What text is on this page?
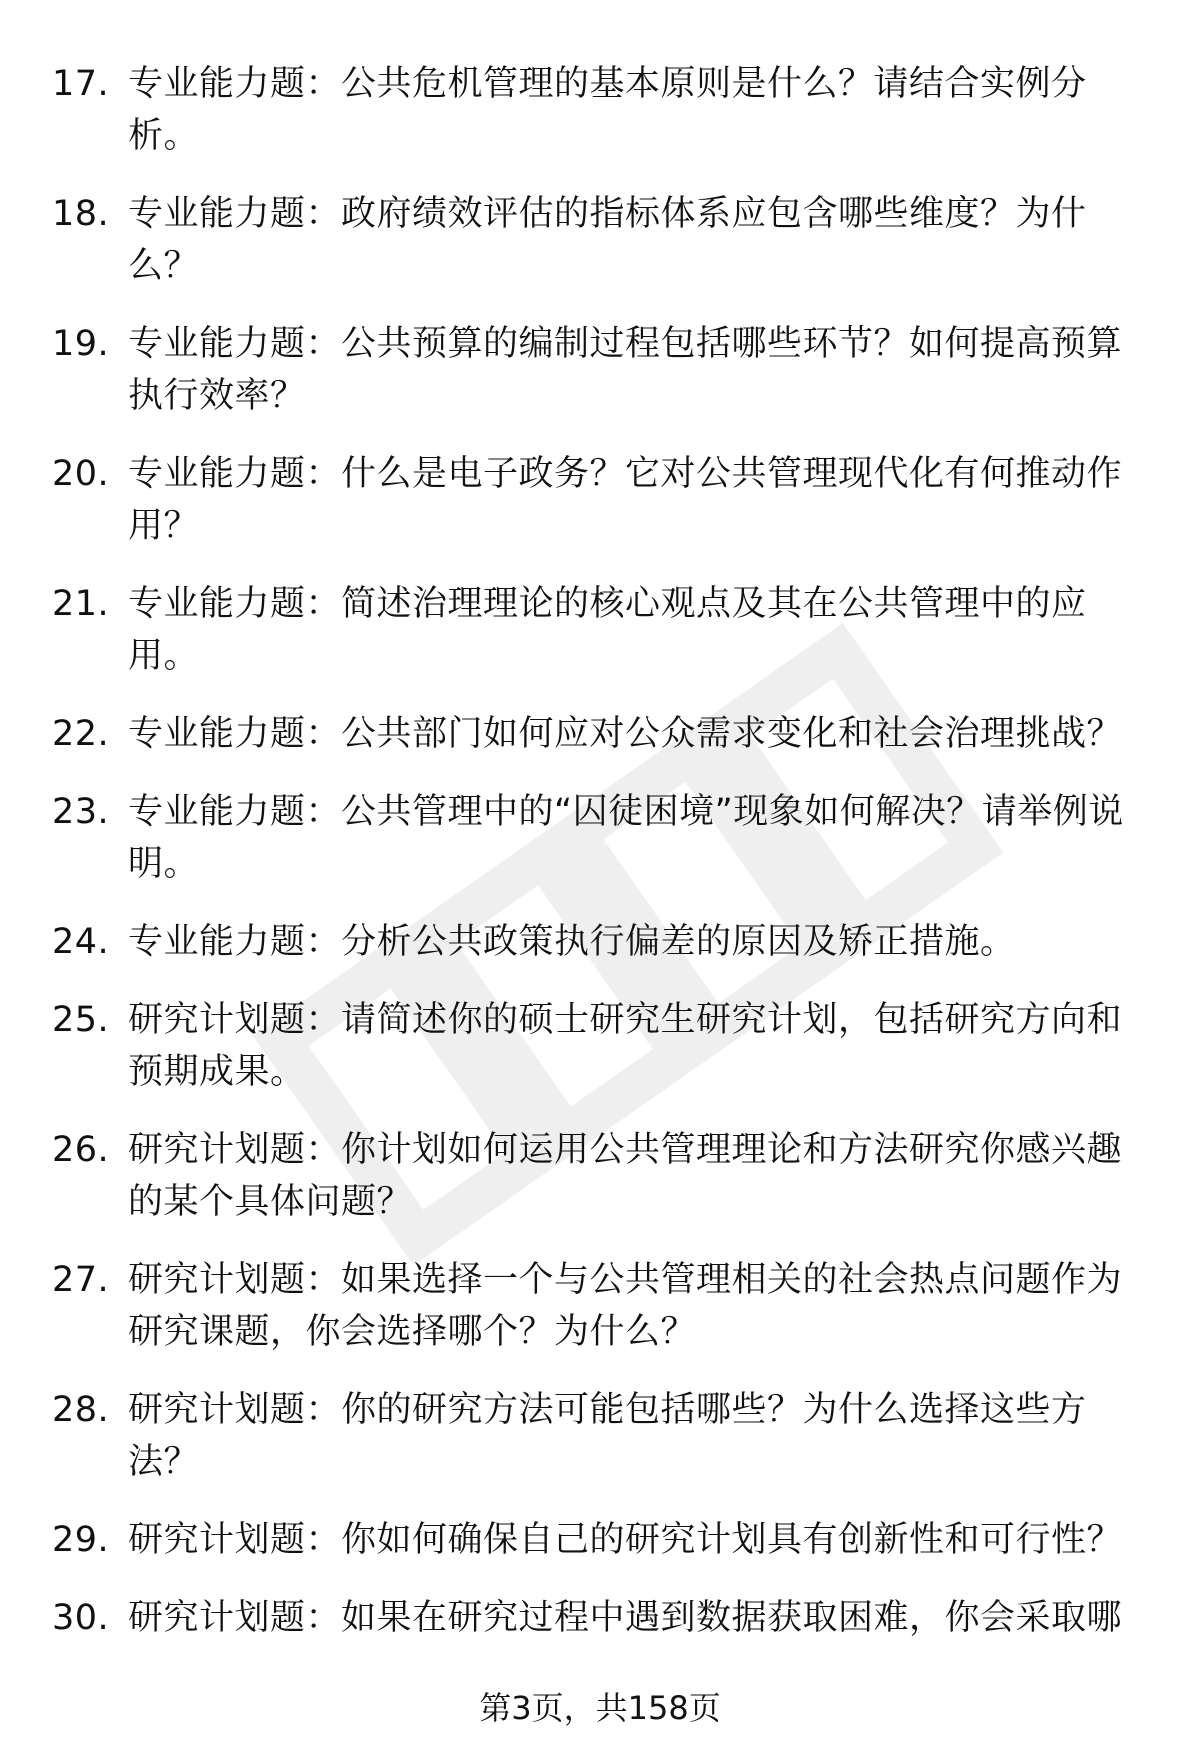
17. 专业能力题：公共危机管理的基本原则是什么？请结合实例分析。
18. 专业能力题：政府绩效评估的指标体系应包含哪些维度？为什么？
19. 专业能力题：公共预算的编制过程包括哪些环节？如何提高预算执行效率？
20. 专业能力题：什么是电子政务？它对公共管理现代化有何推动作用？
21. 专业能力题：简述治理理论的核心观点及其在公共管理中的应用。
22. 专业能力题：公共部门如何应对公众需求变化和社会治理挑战？
23. 专业能力题：公共管理中的“囚徒困境”现象如何解决？请举例说明。
24. 专业能力题：分析公共政策执行偏差的原因及矫正措施。
25. 研究计划题：请简述你的硕士研究生研究计划，包括研究方向和预期成果。
26. 研究计划题：你计划如何运用公共管理理论和方法研究你感兴趣的某个具体问题？
27. 研究计划题：如果选择一个与公共管理相关的社会热点问题作为研究课题，你会选择哪个？为什么？
28. 研究计划题：你的研究方法可能包括哪些？为什么选择这些方法？
29. 研究计划题：你如何确保自己的研究计划具有创新性和可行性？
30. 研究计划题：如果在研究过程中遇到数据获取困难，你会采取哪
第3页，共158页
